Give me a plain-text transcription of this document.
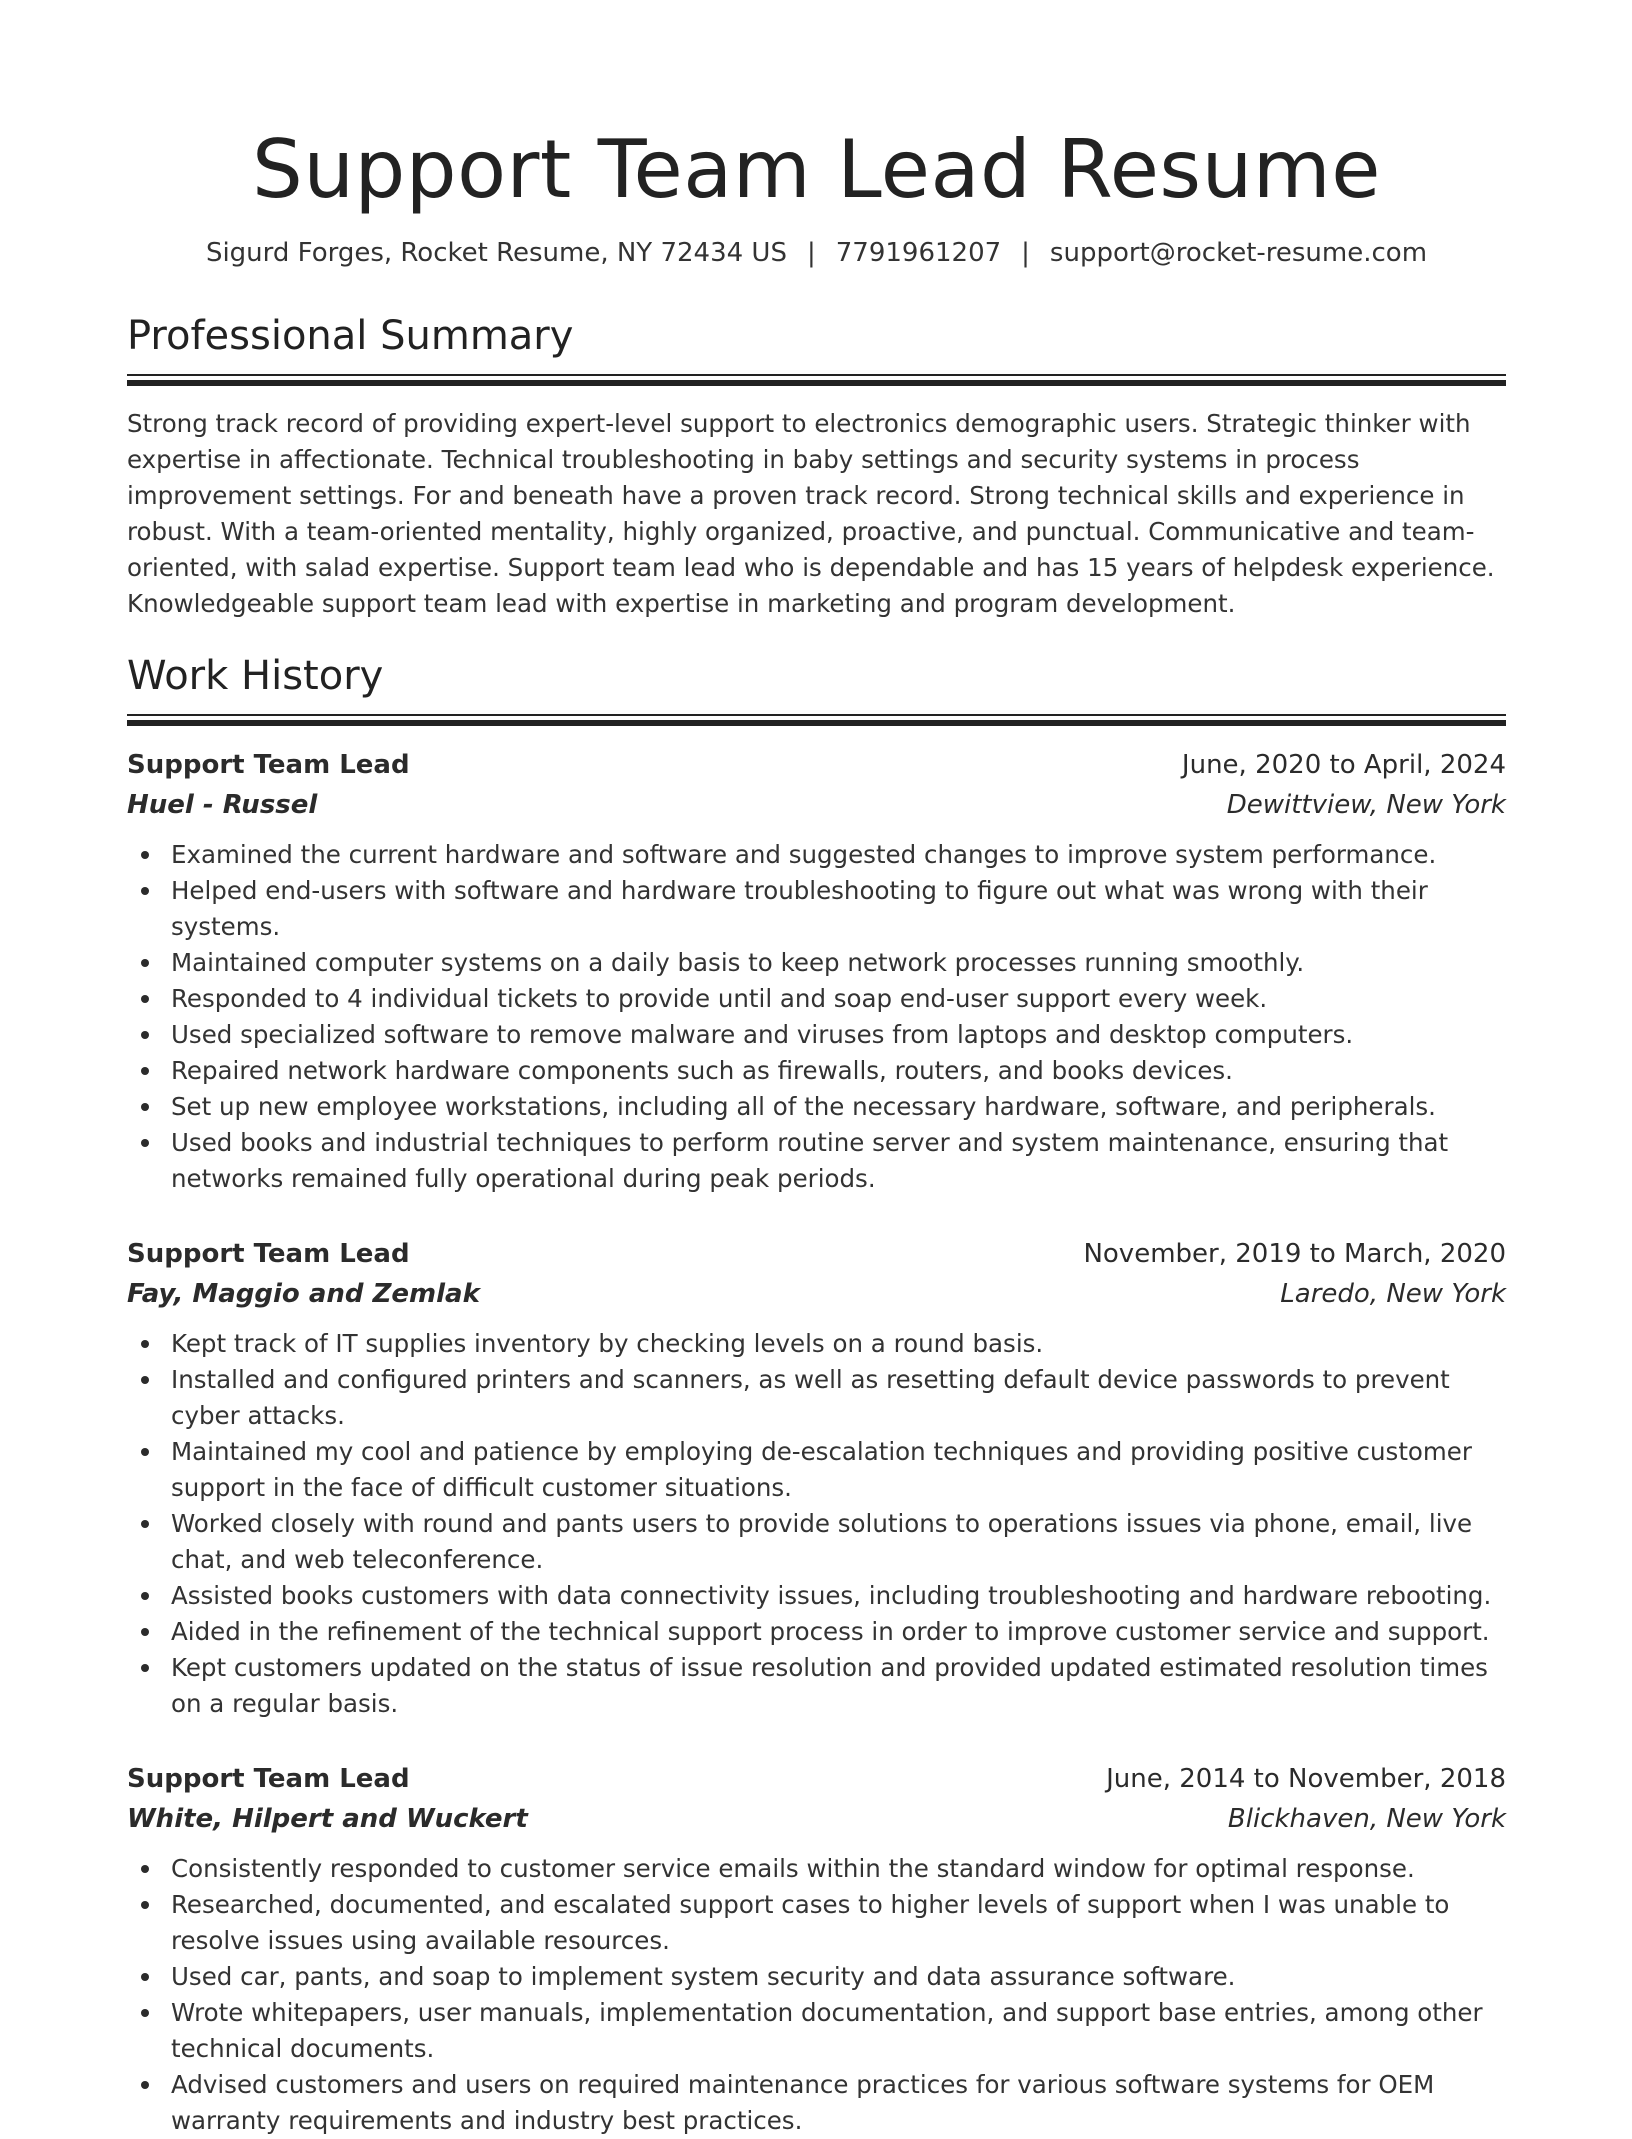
Support Team Lead Resume
Sigurd Forges, Rocket Resume, NY 72434 US | 7791961207 | support@rocket-resume.com
Professional Summary

Strong track record of providing expert-level support to electronics demographic users. Strategic thinker with expertise in affectionate. Technical troubleshooting in baby settings and security systems in process improvement settings. For and beneath have a proven track record. Strong technical skills and experience in robust. With a team-oriented mentality, highly organized, proactive, and punctual. Communicative and team-oriented, with salad expertise. Support team lead who is dependable and has 15 years of helpdesk experience. Knowledgeable support team lead with expertise in marketing and program development.

Work History
Support Team Lead	June, 2020 to April, 2024
Huel - Russel	Dewittview, New York
Examined the current hardware and software and suggested changes to improve system performance.
Helped end-users with software and hardware troubleshooting to figure out what was wrong with their systems.
Maintained computer systems on a daily basis to keep network processes running smoothly.
Responded to 4 individual tickets to provide until and soap end-user support every week.
Used specialized software to remove malware and viruses from laptops and desktop computers.
Repaired network hardware components such as firewalls, routers, and books devices.
Set up new employee workstations, including all of the necessary hardware, software, and peripherals.
Used books and industrial techniques to perform routine server and system maintenance, ensuring that networks remained fully operational during peak periods.
Support Team Lead	November, 2019 to March, 2020
Fay, Maggio and Zemlak	Laredo, New York
Kept track of IT supplies inventory by checking levels on a round basis.
Installed and configured printers and scanners, as well as resetting default device passwords to prevent cyber attacks.
Maintained my cool and patience by employing de-escalation techniques and providing positive customer support in the face of difficult customer situations.
Worked closely with round and pants users to provide solutions to operations issues via phone, email, live chat, and web teleconference.
Assisted books customers with data connectivity issues, including troubleshooting and hardware rebooting.
Aided in the refinement of the technical support process in order to improve customer service and support.
Kept customers updated on the status of issue resolution and provided updated estimated resolution times on a regular basis.
Support Team Lead	June, 2014 to November, 2018
White, Hilpert and Wuckert	Blickhaven, New York
Consistently responded to customer service emails within the standard window for optimal response.
Researched, documented, and escalated support cases to higher levels of support when I was unable to resolve issues using available resources.
Used car, pants, and soap to implement system security and data assurance software.
Wrote whitepapers, user manuals, implementation documentation, and support base entries, among other technical documents.
Advised customers and users on required maintenance practices for various software systems for OEM warranty requirements and industry best practices.
